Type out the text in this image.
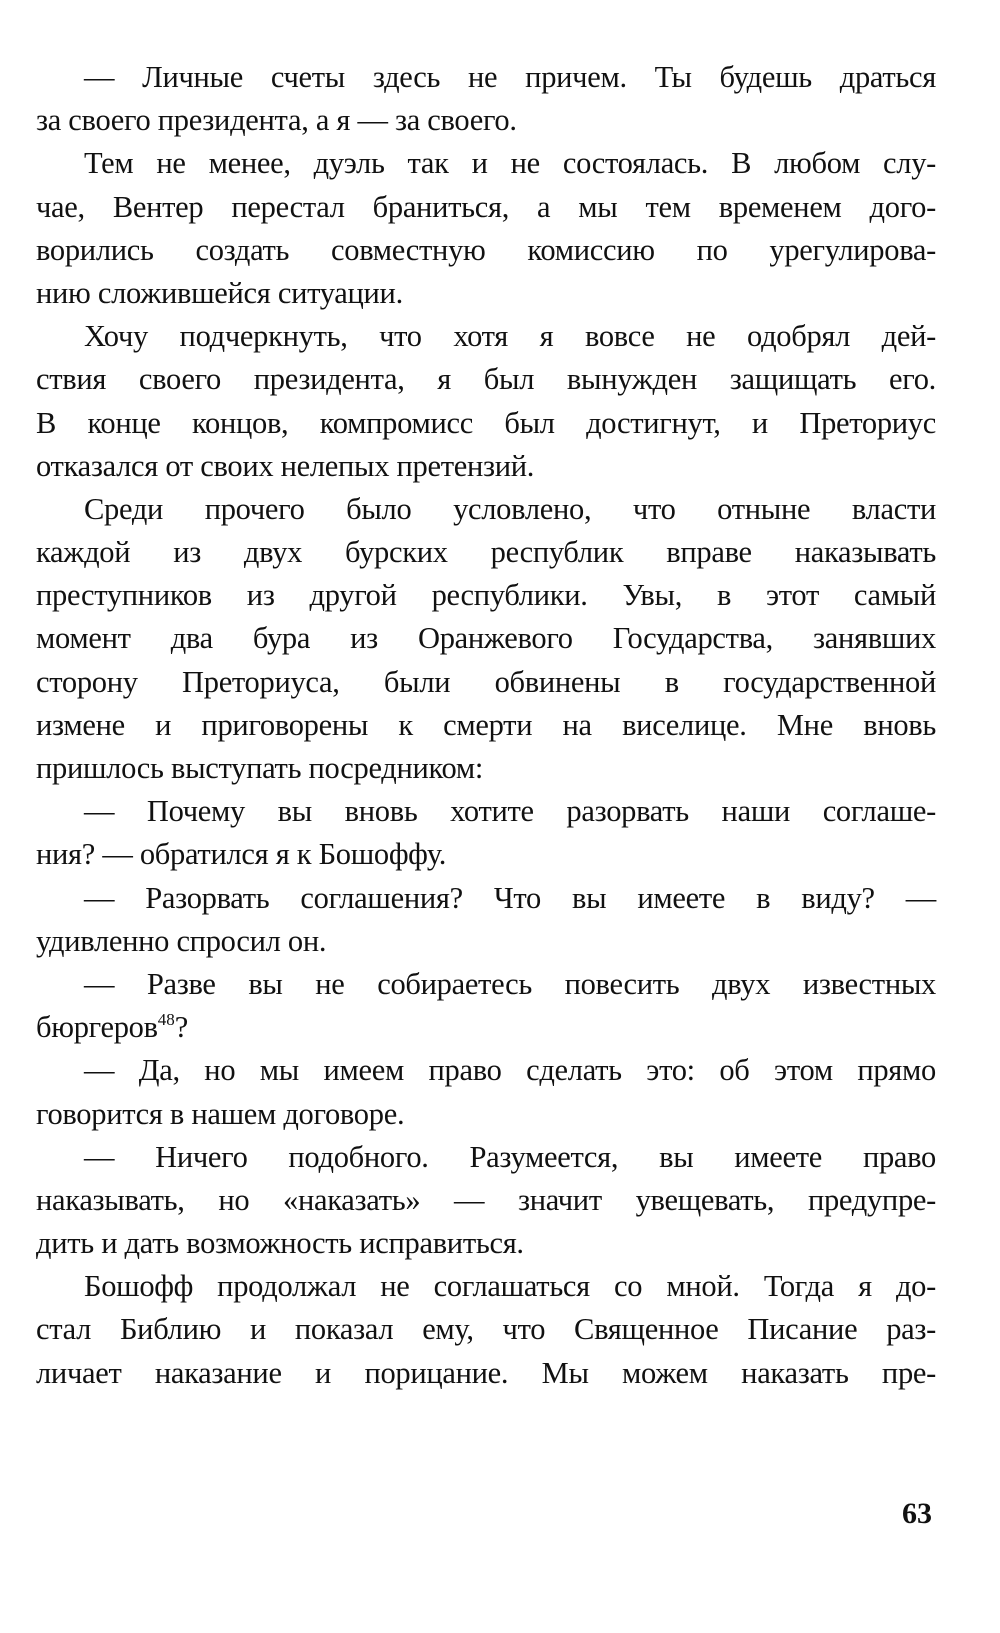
— Личные счеты здесь не причем. Ты будешь драться
за своего президента, а я — за своего.
Тем не менее, дуэль так и не состоялась. В любом слу-
чае, Вентер перестал браниться, а мы тем временем дого-
ворились создать совместную комиссию по урегулирова-
нию сложившейся ситуации.
Хочу подчеркнуть, что хотя я вовсе не одобрял дей-
ствия своего президента, я был вынужден защищать его.
В конце концов, компромисс был достигнут, и Преториус
отказался от своих нелепых претензий.
Среди прочего было условлено, что отныне власти
каждой из двух бурских республик вправе наказывать
преступников из другой республики. Увы, в этот самый
момент два бура из Оранжевого Государства, занявших
сторону Преториуса, были обвинены в государственной
измене и приговорены к смерти на виселице. Мне вновь
пришлось выступать посредником:
— Почему вы вновь хотите разорвать наши соглаше-
ния? — обратился я к Бошоффу.
— Разорвать соглашения? Что вы имеете в виду? —
удивленно спросил он.
— Разве вы не собираетесь повесить двух известных
бюргеров$^{48}$?
— Да, но мы имеем право сделать это: об этом прямо
говорится в нашем договоре.
— Ничего подобного. Разумеется, вы имеете право
наказывать, но «наказать» — значит увещевать, предупре-
дить и дать возможность исправиться.
Бошофф продолжал не соглашаться со мной. Тогда я до-
стал Библию и показал ему, что Священное Писание раз-
личает наказание и порицание. Мы можем наказать пре-
63
